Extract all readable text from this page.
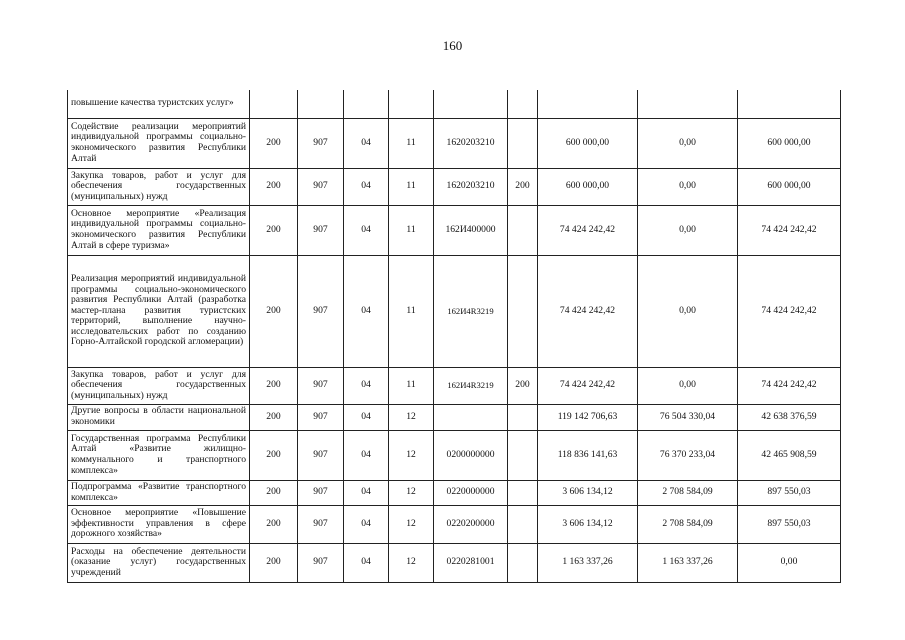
160
повышение качества туристских услуг»									
Содействие реализации мероприятий индивидуальной программы социально-экономического развития Республики Алтай	200	907	04	11	1620203210		600 000,00	0,00	600 000,00
Закупка товаров, работ и услуг для обеспечения государственных (муниципальных) нужд	200	907	04	11	1620203210	200	600 000,00	0,00	600 000,00
Основное мероприятие «Реализация индивидуальной программы социально-экономического развития Республики Алтай в сфере туризма»	200	907	04	11	162И400000		74 424 242,42	0,00	74 424 242,42
Реализация мероприятий индивидуальной программы социально-экономического развития Республики Алтай (разработка мастер-плана развития туристских территорий, выполнение научно-исследовательских работ по созданию Горно-Алтайской городской агломерации)	200	907	04	11	162И4R3219		74 424 242,42	0,00	74 424 242,42
Закупка товаров, работ и услуг для обеспечения государственных (муниципальных) нужд	200	907	04	11	162И4R3219	200	74 424 242,42	0,00	74 424 242,42
Другие вопросы в области национальной экономики	200	907	04	12			119 142 706,63	76 504 330,04	42 638 376,59
Государственная программа Республики Алтай «Развитие жилищно-коммунального и транспортного комплекса»	200	907	04	12	0200000000		118 836 141,63	76 370 233,04	42 465 908,59
Подпрограмма «Развитие транспортного комплекса»	200	907	04	12	0220000000		3 606 134,12	2 708 584,09	897 550,03
Основное мероприятие «Повышение эффективности управления в сфере дорожного хозяйства»	200	907	04	12	0220200000		3 606 134,12	2 708 584,09	897 550,03
Расходы на обеспечение деятельности (оказание услуг) государственных учреждений	200	907	04	12	0220281001		1 163 337,26	1 163 337,26	0,00
